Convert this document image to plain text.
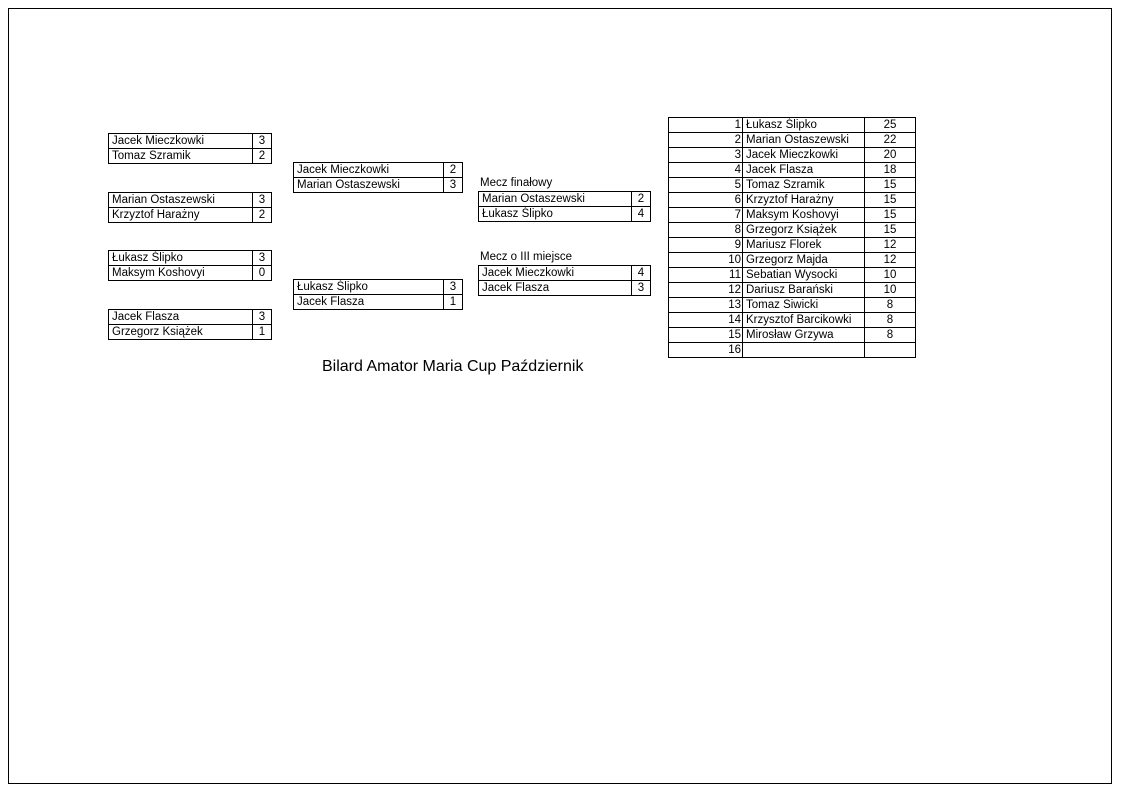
Jacek Mieczkowki	3
Tomaz Szramik	2
Marian Ostaszewski	3
Krzyztof Harażny	2
Łukasz Ślipko	3
Maksym Koshovyi	0
Jacek Flasza	3
Grzegorz Książek	1
Jacek Mieczkowki	2
Marian Ostaszewski	3
Łukasz Ślipko	3
Jacek Flasza	1
Mecz finałowy
Marian Ostaszewski	2
Łukasz Ślipko	4
Mecz o III miejsce
Jacek Mieczkowki	4
Jacek Flasza	3
Bilard Amator Maria Cup Październik
1	Łukasz Ślipko	25
2	Marian Ostaszewski	22
3	Jacek Mieczkowki	20
4	Jacek Flasza	18
5	Tomaz Szramik	15
6	Krzyztof Harażny	15
7	Maksym Koshovyi	15
8	Grzegorz Książek	15
9	Mariusz Florek	12
10	Grzegorz Majda	12
11	Sebatian Wysocki	10
12	Dariusz Barański	10
13	Tomaz Siwicki	8
14	Krzysztof Barcikowki	8
15	Mirosław Grzywa	8
16		
